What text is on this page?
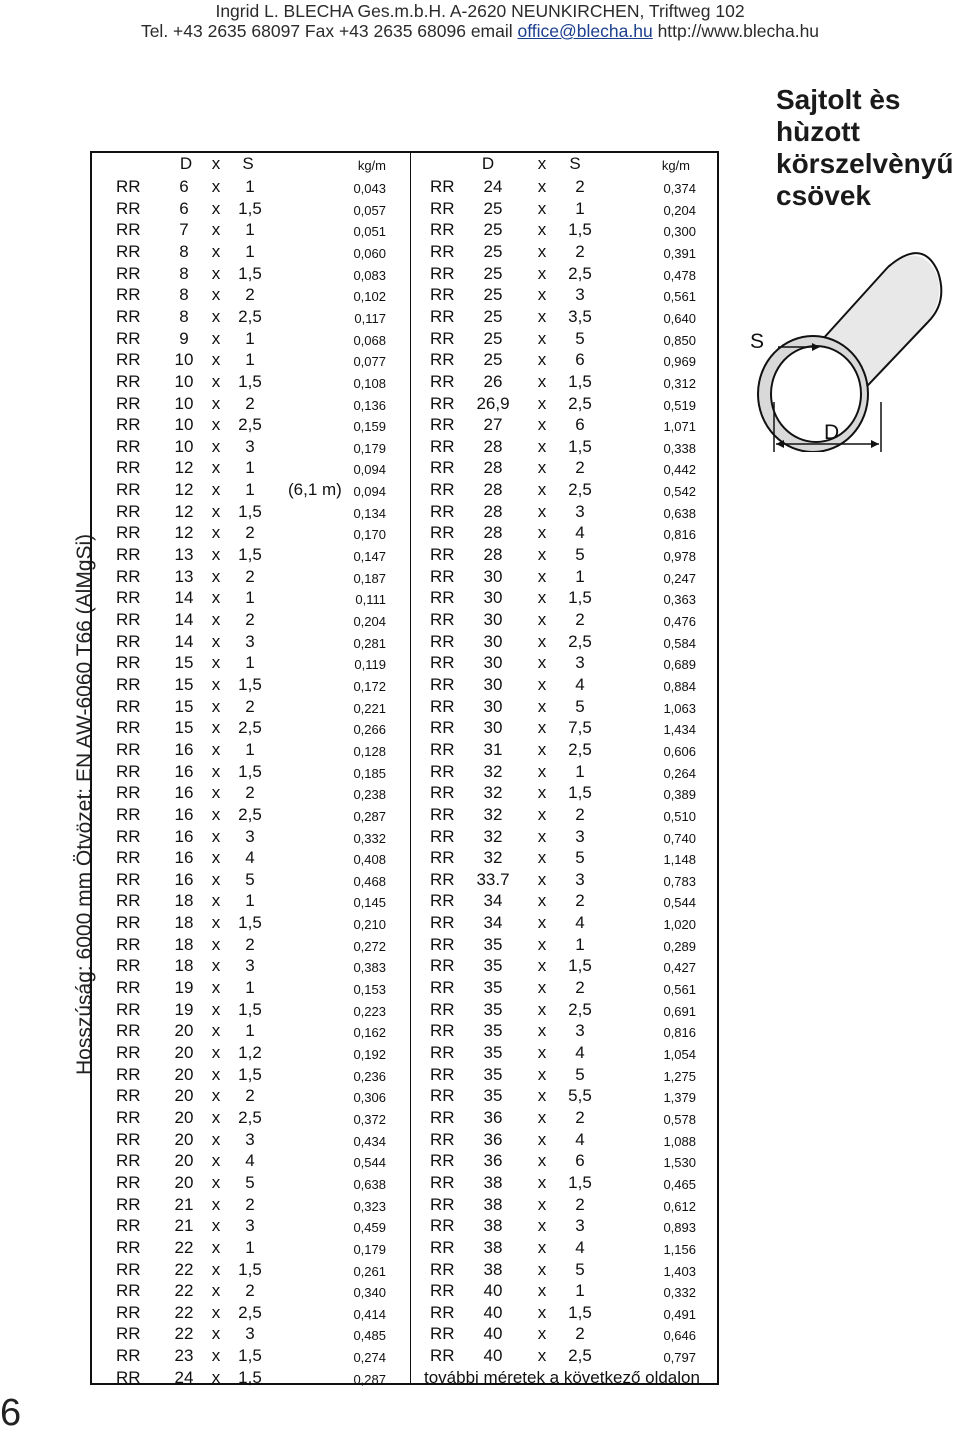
Ingrid L. BLECHA Ges.m.b.H. A-2620 NEUNKIRCHEN, Triftweg 102
Tel. +43 2635 68097 Fax +43 2635 68096 email office@blecha.hu http://www.blecha.hu
Sajtolt ès
hùzott
körszelvènyű
csövek
S
D
Hosszúság: 6000 mm Ötvözet: EN AW-6060 T66 (AlMgSi)
6
D	x	S	kg/m	D	x	S	kg/m
RR	6	x	1	0,043
RR	6	x	1,5	0,057
RR	7	x	1	0,051
RR	8	x	1	0,060
RR	8	x	1,5	0,083
RR	8	x	2	0,102
RR	8	x	2,5	0,117
RR	9	x	1	0,068
RR	10	x	1	0,077
RR	10	x	1,5	0,108
RR	10	x	2	0,136
RR	10	x	2,5	0,159
RR	10	x	3	0,179
RR	12	x	1	0,094
RR	12	x	1	(6,1 m) 0,094
RR	12	x	1,5	0,134
RR	12	x	2	0,170
RR	13	x	1,5	0,147
RR	13	x	2	0,187
RR	14	x	1	0,111
RR	14	x	2	0,204
RR	14	x	3	0,281
RR	15	x	1	0,119
RR	15	x	1,5	0,172
RR	15	x	2	0,221
RR	15	x	2,5	0,266
RR	16	x	1	0,128
RR	16	x	1,5	0,185
RR	16	x	2	0,238
RR	16	x	2,5	0,287
RR	16	x	3	0,332
RR	16	x	4	0,408
RR	16	x	5	0,468
RR	18	x	1	0,145
RR	18	x	1,5	0,210
RR	18	x	2	0,272
RR	18	x	3	0,383
RR	19	x	1	0,153
RR	19	x	1,5	0,223
RR	20	x	1	0,162
RR	20	x	1,2	0,192
RR	20	x	1,5	0,236
RR	20	x	2	0,306
RR	20	x	2,5	0,372
RR	20	x	3	0,434
RR	20	x	4	0,544
RR	20	x	5	0,638
RR	21	x	2	0,323
RR	21	x	3	0,459
RR	22	x	1	0,179
RR	22	x	1,5	0,261
RR	22	x	2	0,340
RR	22	x	2,5	0,414
RR	22	x	3	0,485
RR	23	x	1,5	0,274
RR	24	x	1,5	0,287
RR	24	x	2	0,374
RR	25	x	1	0,204
RR	25	x	1,5	0,300
RR	25	x	2	0,391
RR	25	x	2,5	0,478
RR	25	x	3	0,561
RR	25	x	3,5	0,640
RR	25	x	5	0,850
RR	25	x	6	0,969
RR	26	x	1,5	0,312
RR 26,9	x	2,5	0,519
RR	27	x	6	1,071
RR	28	x	1,5	0,338
RR	28	x	2	0,442
RR	28	x	2,5	0,542
RR	28	x	3	0,638
RR	28	x	4	0,816
RR	28	x	5	0,978
RR	30	x	1	0,247
RR	30	x	1,5	0,363
RR	30	x	2	0,476
RR	30	x	2,5	0,584
RR	30	x	3	0,689
RR	30	x	4	0,884
RR	30	x	5	1,063
RR	30	x	7,5	1,434
RR	31	x	2,5	0,606
RR	32	x	1	0,264
RR	32	x	1,5	0,389
RR	32	x	2	0,510
RR	32	x	3	0,740
RR	32	x	5	1,148
RR 33.7	x	3	0,783
RR	34	x	2	0,544
RR	34	x	4	1,020
RR	35	x	1	0,289
RR	35	x	1,5	0,427
RR	35	x	2	0,561
RR	35	x	2,5	0,691
RR	35	x	3	0,816
RR	35	x	4	1,054
RR	35	x	5	1,275
RR	35	x	5,5	1,379
RR	36	x	2	0,578
RR	36	x	4	1,088
RR	36	x	6	1,530
RR	38	x	1,5	0,465
RR	38	x	2	0,612
RR	38	x	3	0,893
RR	38	x	4	1,156
RR	38	x	5	1,403
RR	40	x	1	0,332
RR	40	x	1,5	0,491
RR	40	x	2	0,646
RR	40	x	2,5	0,797
további méretek a következő oldalon
